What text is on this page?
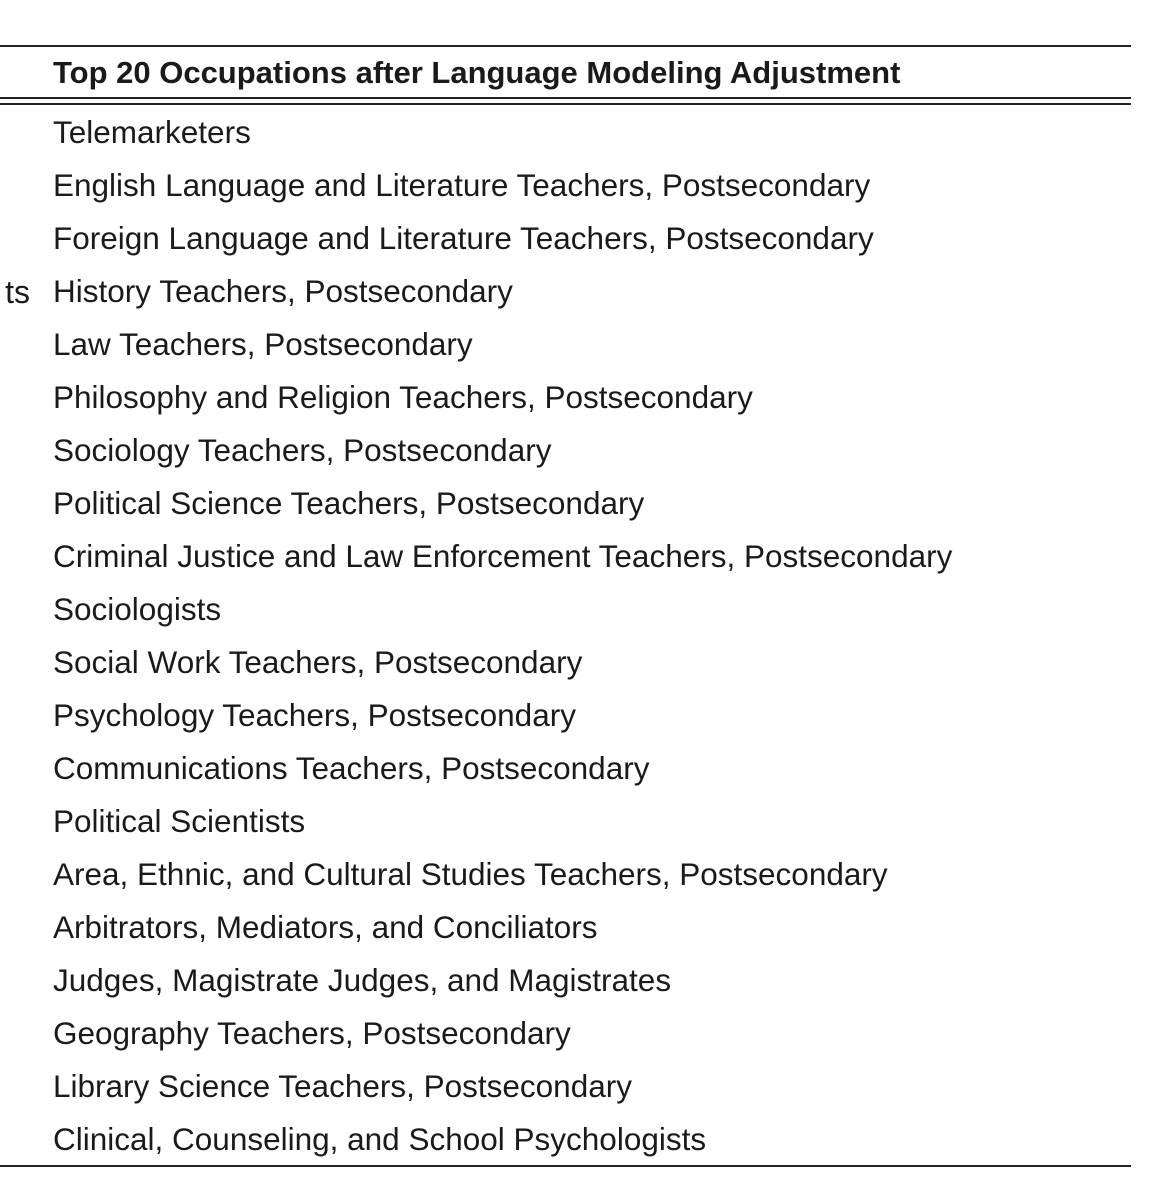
Top 20 Occupations after Language Modeling Adjustment
ts
Telemarketers
English Language and Literature Teachers, Postsecondary
Foreign Language and Literature Teachers, Postsecondary
History Teachers, Postsecondary
Law Teachers, Postsecondary
Philosophy and Religion Teachers, Postsecondary
Sociology Teachers, Postsecondary
Political Science Teachers, Postsecondary
Criminal Justice and Law Enforcement Teachers, Postsecondary
Sociologists
Social Work Teachers, Postsecondary
Psychology Teachers, Postsecondary
Communications Teachers, Postsecondary
Political Scientists
Area, Ethnic, and Cultural Studies Teachers, Postsecondary
Arbitrators, Mediators, and Conciliators
Judges, Magistrate Judges, and Magistrates
Geography Teachers, Postsecondary
Library Science Teachers, Postsecondary
Clinical, Counseling, and School Psychologists
